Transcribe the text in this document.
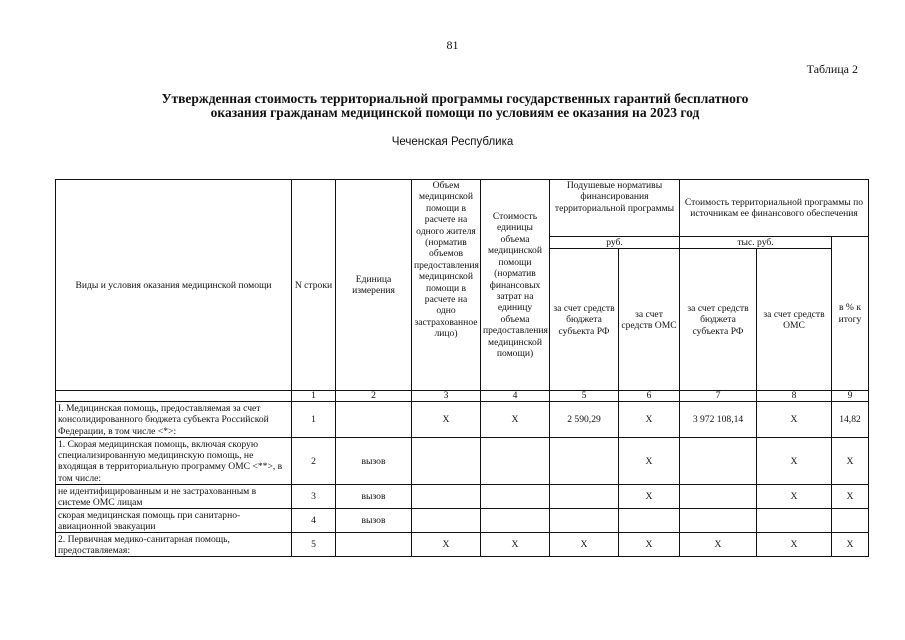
81
Таблица 2
Утвержденная стоимость территориальной программы государственных гарантий бесплатного
оказания гражданам медицинской помощи по условиям ее оказания на 2023 год
Чеченская Республика
Виды и условия оказания медицинской помощи	N строки	Единица измерения	Объем медицинской помощи в расчете на одного жителя (норматив объемов предоставления медицинской помощи в расчете на одно застрахованное лицо)	Стоимость единицы объема медицинской помощи (норматив финансовых затрат на единицу объема предоставления медицинской помощи)	Подушевые нормативы финансирования территориальной программы		Стоимость территориальной программы по источникам ее финансового обеспечения		
					руб.		тыс. руб.		в % к итогу
					за счет средств бюджета субъекта РФ	за счет средств ОМС	за счет средств бюджета субъекта РФ	за счет средств ОМС	
	1	2	3	4	5	6	7	8	9
I. Медицинская помощь, предоставляемая за счет консолидированного бюджета субъекта Российской Федерации, в том числе <*>:	1		X	X	2 590,29	X	3 972 108,14	X	14,82
1. Скорая медицинская помощь, включая скорую специализированную медицинскую помощь, не входящая в территориальную программу ОМС <**>, в том числе:	2	вызов				X		X	X
не идентифицированным и не застрахованным в системе ОМС лицам	3	вызов				X		X	X
скорая медицинская помощь при санитарно-авиационной эвакуации	4	вызов							
2. Первичная медико-санитарная помощь, предоставляемая:	5		X	X	X	X	X	X	X
